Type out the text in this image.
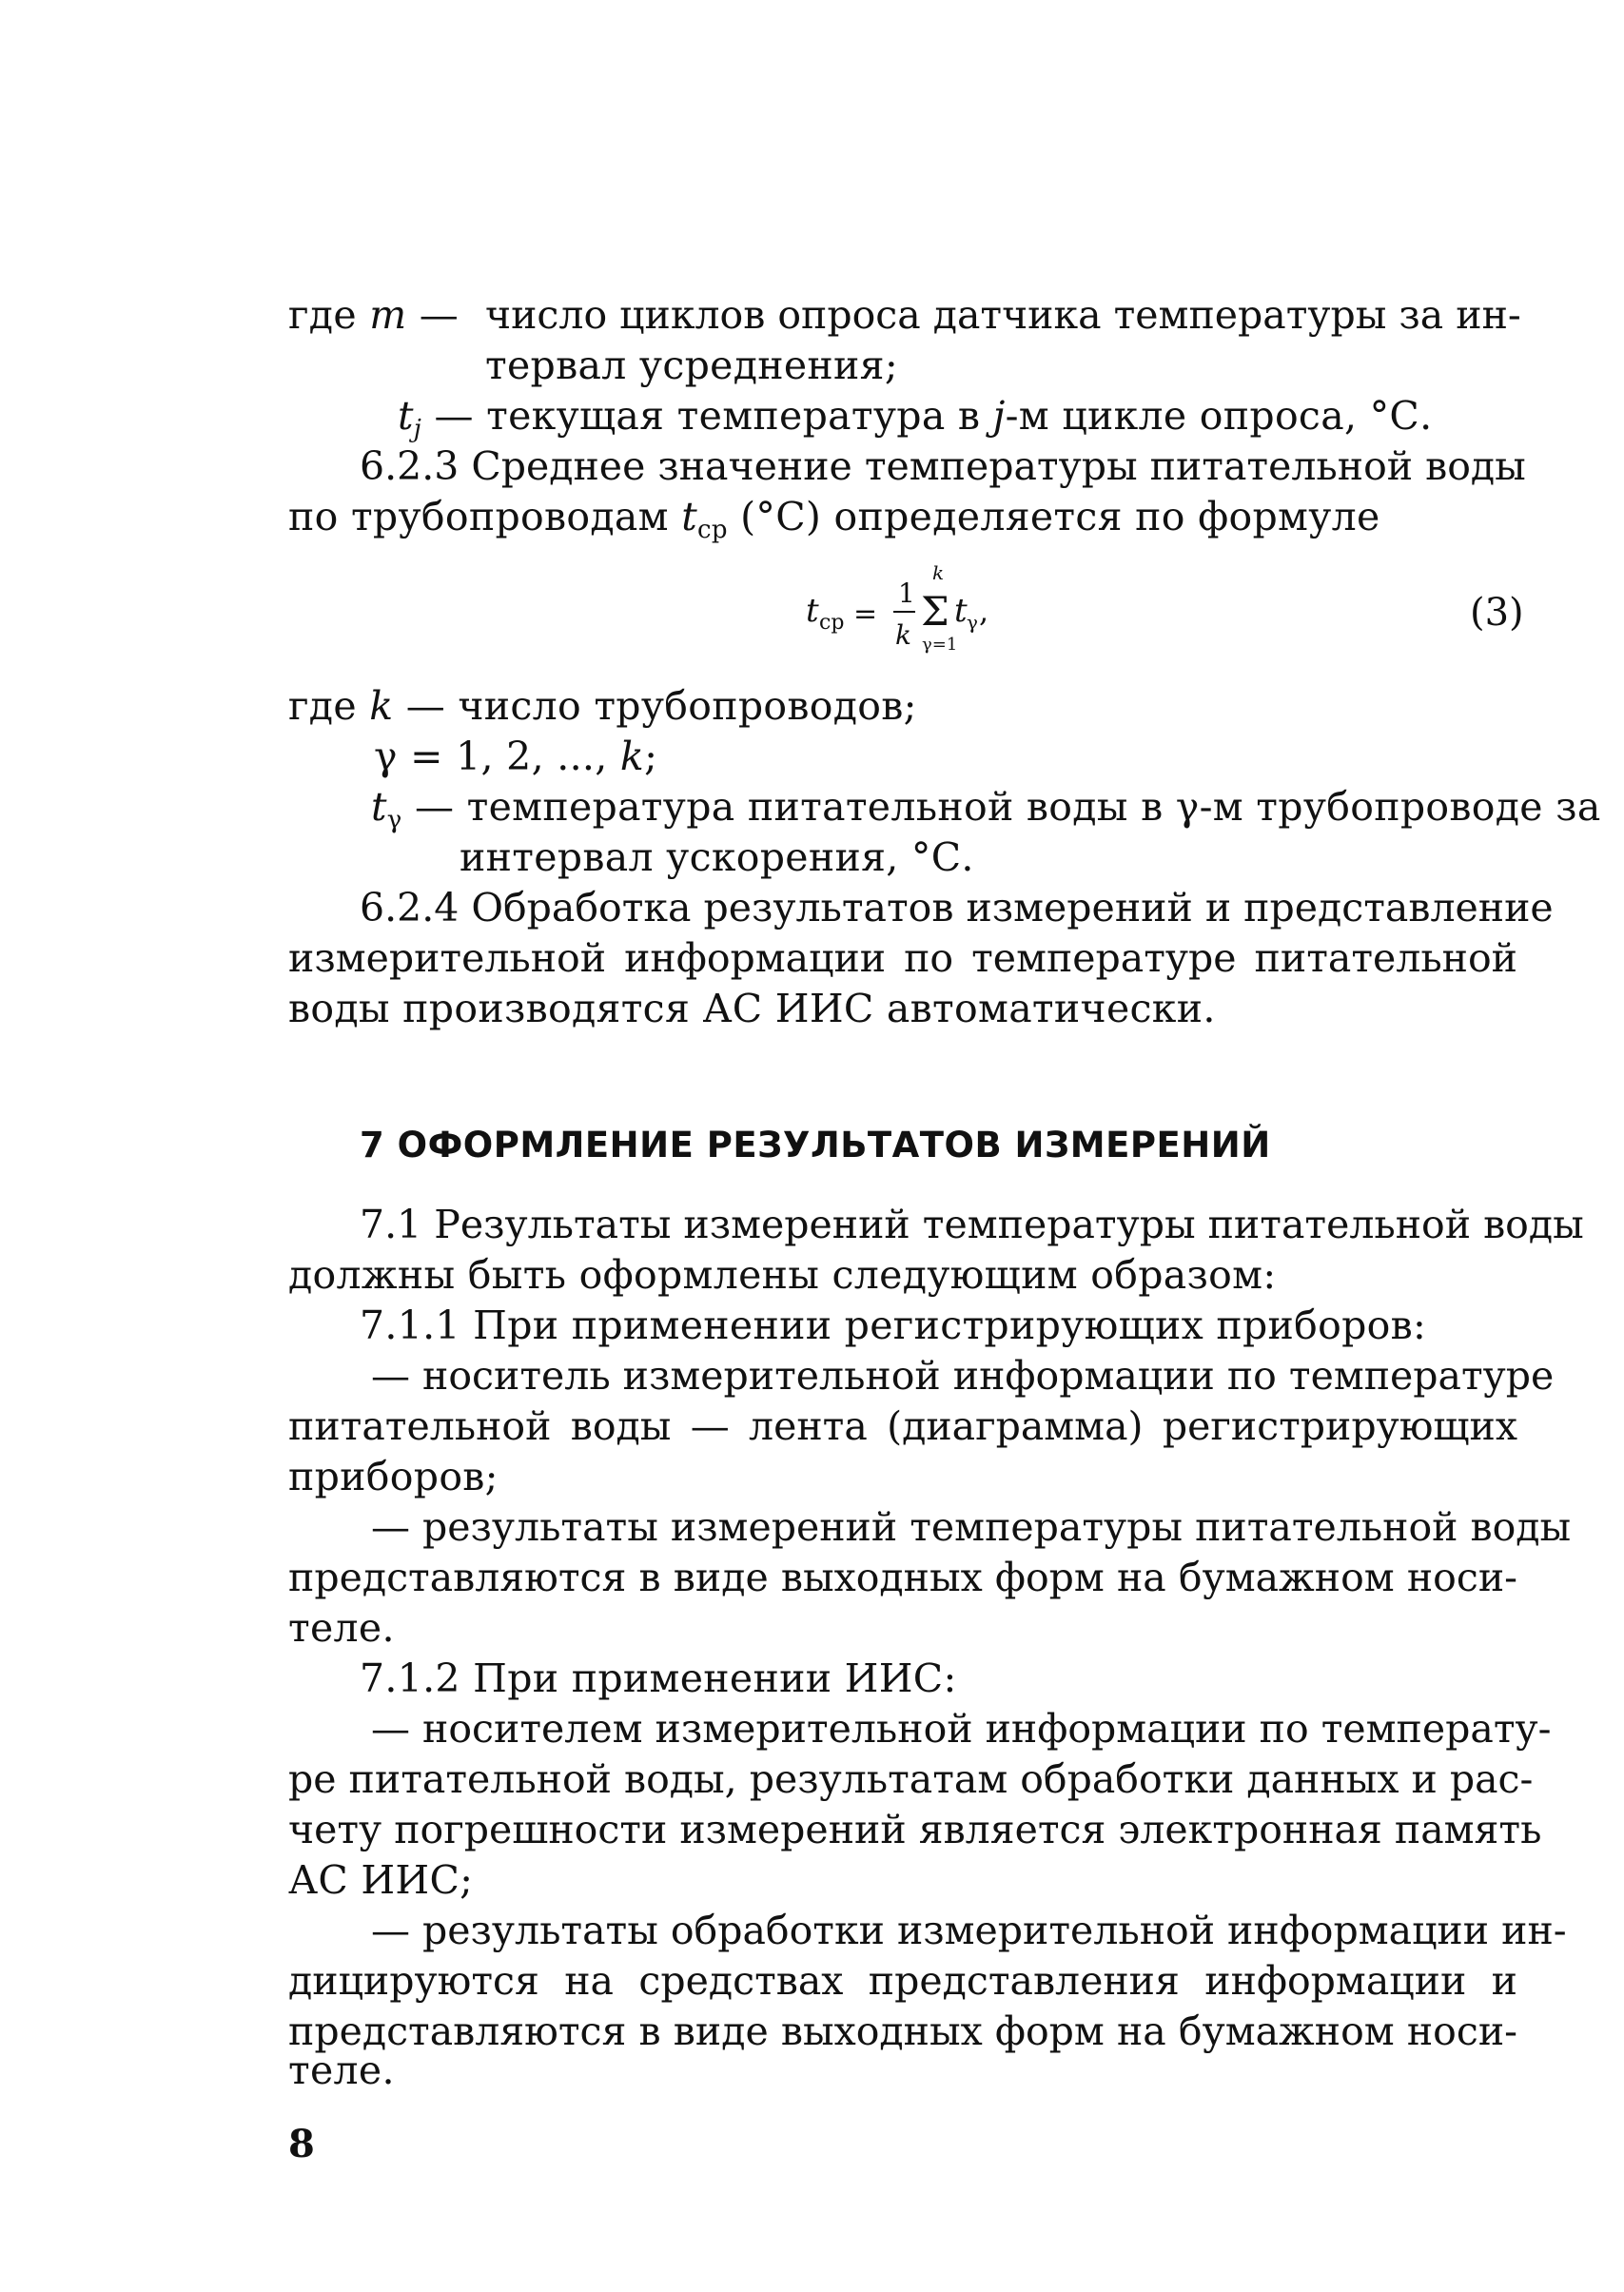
где m — число циклов опроса датчика температуры за ин-
тервал усреднения;
$t_j$ — текущая температура в j-м цикле опроса, °С.
6.2.3 Среднее значение температуры питательной воды
по трубопроводам $t_{ср}$ (°С) определяется по формуле
t ср =
1
k
k
Σ
γ=1
t γ ,	(3)
где k — число трубопроводов;
γ = 1, 2, ..., k;
$t_\gamma$ — температура питательной воды в γ-м трубопроводе за
интервал ускорения, °С.
6.2.4 Обработка результатов измерений и представление
измерительной информации по температуре питательной
воды производятся АС ИИС автоматически.
7 ОФОРМЛЕНИЕ РЕЗУЛЬТАТОВ ИЗМЕРЕНИЙ
7.1 Результаты измерений температуры питательной воды
должны быть оформлены следующим образом:
7.1.1 При применении регистрирующих приборов:
— носитель измерительной информации по температуре
питательной воды — лента (диаграмма) регистрирующих
приборов;
— результаты измерений температуры питательной воды
представляются в виде выходных форм на бумажном носи-
теле.
7.1.2 При применении ИИС:
— носителем измерительной информации по температу-
ре питательной воды, результатам обработки данных и рас-
чету погрешности измерений является электронная память
АС ИИС;
— результаты обработки измерительной информации ин-
дицируются на средствах представления информации и
представляются в виде выходных форм на бумажном носи-
теле.
8
